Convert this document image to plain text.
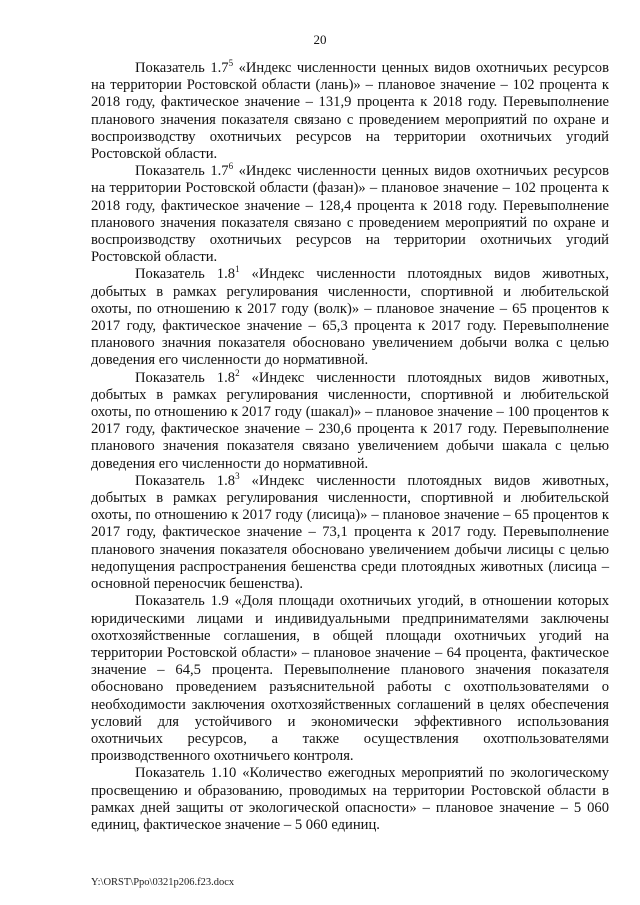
20

Показатель $1.7^5$ «Индекс численности ценных видов охотничьих ресурсов на территории Ростовской области (лань)» – плановое значение – 102 процента к 2018 году, фактическое значение – 131,9 процента к 2018 году. Перевыполнение планового значения показателя связано с проведением мероприятий по охране и воспроизводству охотничьих ресурсов на территории охотничьих угодий Ростовской области.

Показатель $1.7^6$ «Индекс численности ценных видов охотничьих ресурсов на территории Ростовской области (фазан)» – плановое значение – 102 процента к 2018 году, фактическое значение – 128,4 процента к 2018 году. Перевыполнение планового значения показателя связано с проведением мероприятий по охране и воспроизводству охотничьих ресурсов на территории охотничьих угодий Ростовской области.

Показатель $1.8^1$ «Индекс численности плотоядных видов животных, добытых в рамках регулирования численности, спортивной и любительской охоты, по отношению к 2017 году (волк)» – плановое значение – 65 процентов к 2017 году, фактическое значение – 65,3 процента к 2017 году. Перевыполнение планового значния показателя обосновано увеличением добычи волка с целью доведения его численности до нормативной.

Показатель $1.8^2$ «Индекс численности плотоядных видов животных, добытых в рамках регулирования численности, спортивной и любительской охоты, по отношению к 2017 году (шакал)» – плановое значение – 100 процентов к 2017 году, фактическое значение – 230,6 процента к 2017 году. Перевыполнение планового значения показателя связано увеличением добычи шакала с целью доведения его численности до нормативной.

Показатель $1.8^3$ «Индекс численности плотоядных видов животных, добытых в рамках регулирования численности, спортивной и любительской охоты, по отношению к 2017 году (лисица)» – плановое значение – 65 процентов к 2017 году, фактическое значение – 73,1 процента к 2017 году. Перевыполнение планового значения показателя обосновано увеличением добычи лисицы с целью недопущения распространения бешенства среди плотоядных животных (лисица – основной переносчик бешенства).

Показатель 1.9 «Доля площади охотничьих угодий, в отношении которых юридическими лицами и индивидуальными предпринимателями заключены охотхозяйственные соглашения, в общей площади охотничьих угодий на территории Ростовской области» – плановое значение – 64 процента, фактическое значение – 64,5 процента. Перевыполнение планового значения показателя обосновано проведением разъяснительной работы с охотпользователями о необходимости заключения охотхозяйственных соглашений в целях обеспечения условий для устойчивого и экономически эффективного использования охотничьих ресурсов, а также осуществления охотпользователями производственного охотничьего контроля.

Показатель 1.10 «Количество ежегодных мероприятий по экологическому просвещению и образованию, проводимых на территории Ростовской области в рамках дней защиты от экологической опасности» – плановое значение – 5 060 единиц, фактическое значение – 5 060 единиц.

Y:\ORST\Ppo\0321p206.f23.docx
